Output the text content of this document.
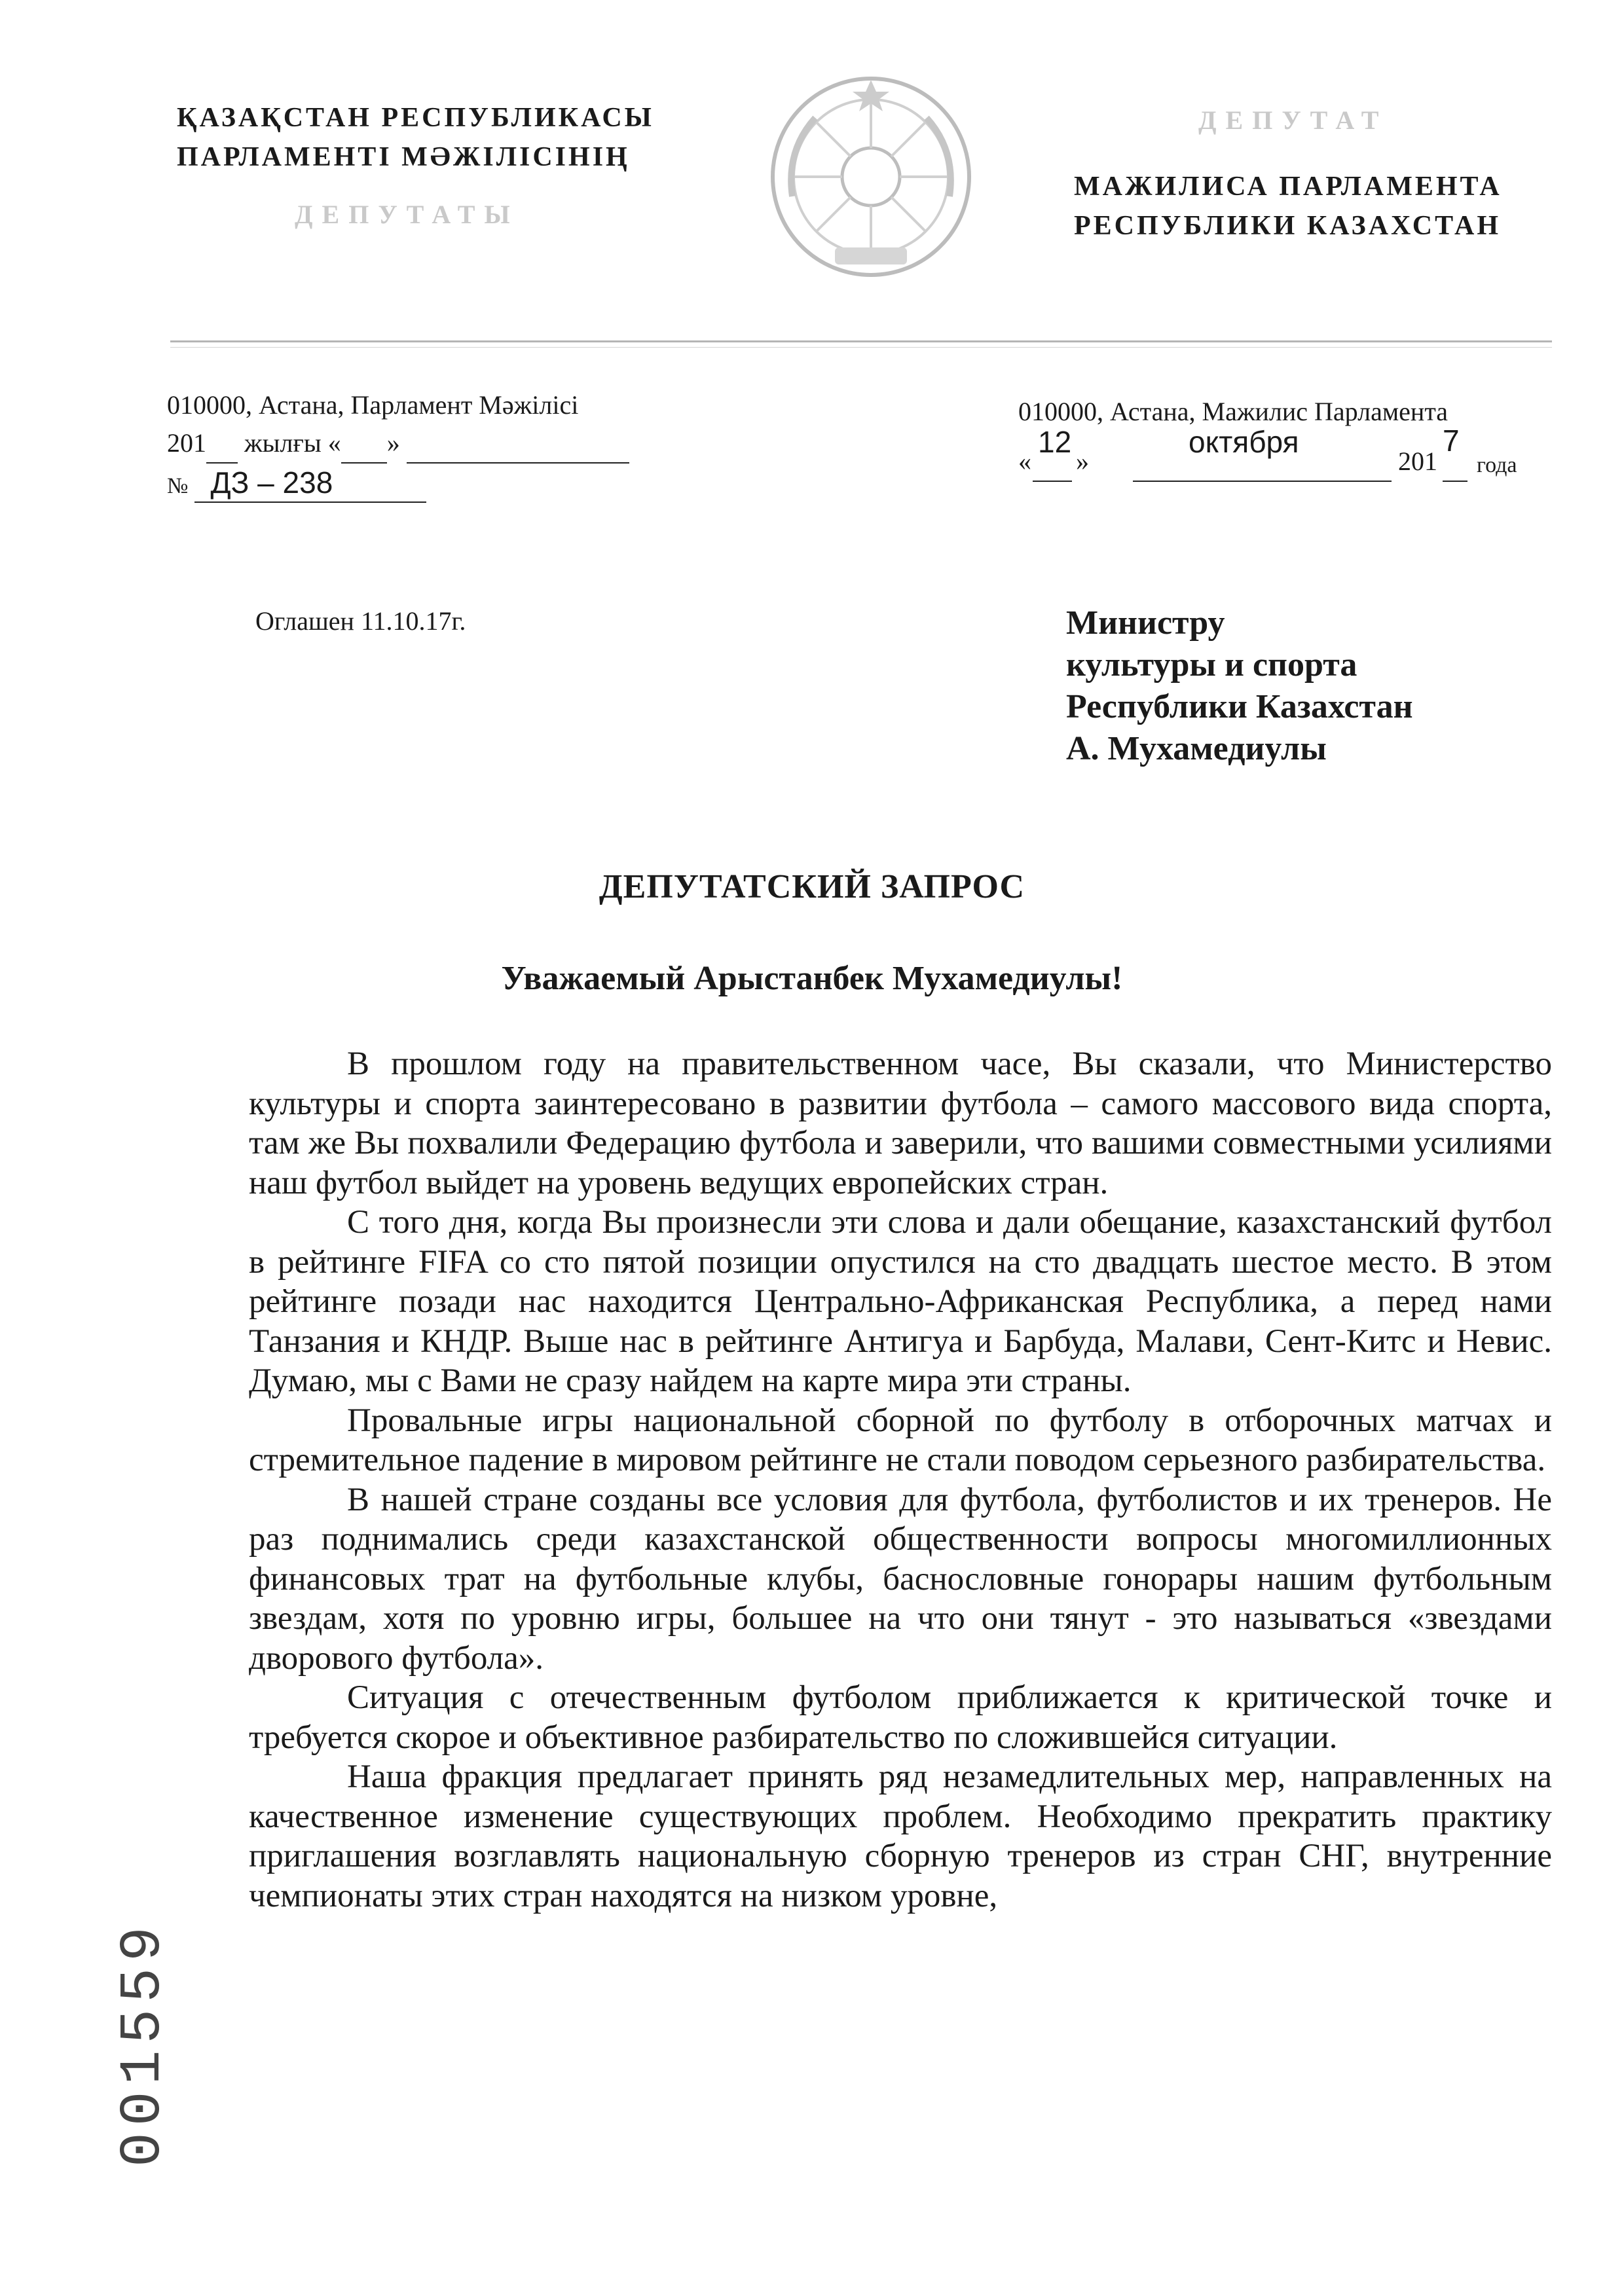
ҚАЗАҚСТАН РЕСПУБЛИКАСЫ
ПАРЛАМЕНТІ МӘЖІЛІСІНІҢ
ДЕПУТАТЫ
ДЕПУТАТ
МАЖИЛИСА ПАРЛАМЕНТА
РЕСПУБЛИКИ КАЗАХСТАН
010000, Астана, Парламент Мәжілісі
201 жылғы « »
№ ДЗ – 238
010000, Астана, Мажилис Парламента
«

12
»

октября
201
7

года
Оглашен 11.10.17г.	Министру
культуры и спорта
Республики Казахстан
А. Мухамедиулы
ДЕПУТАТСКИЙ ЗАПРОС
Уважаемый Арыстанбек Мухамедиулы!

В прошлом году на правительственном часе, Вы сказали, что Министерство культуры и спорта заинтересовано в развитии футбола – самого массового вида спорта, там же Вы похвалили Федерацию футбола и заверили, что вашими совместными усилиями наш футбол выйдет на уровень ведущих европейских стран.

С того дня, когда Вы произнесли эти слова и дали обещание, казахстанский футбол в рейтинге FIFA со сто пятой позиции опустился на сто двадцать шестое место. В этом рейтинге позади нас находится Центрально-Африканская Республика, а перед нами Танзания и КНДР. Выше нас в рейтинге Антигуа и Барбуда, Малави, Сент-Китс и Невис. Думаю, мы с Вами не сразу найдем на карте мира эти страны.

Провальные игры национальной сборной по футболу в отборочных матчах и стремительное падение в мировом рейтинге не стали поводом серьезного разбирательства.

В нашей стране созданы все условия для футбола, футболистов и их тренеров. Не раз поднимались среди казахстанской общественности вопросы многомиллионных финансовых трат на футбольные клубы, баснословные гонорары нашим футбольным звездам, хотя по уровню игры, большее на что они тянут - это называться «звездами дворового футбола».

Ситуация с отечественным футболом приближается к критической точке и требуется скорое и объективное разбирательство по сложившейся ситуации.

Наша фракция предлагает принять ряд незамедлительных мер, направленных на качественное изменение существующих проблем. Необходимо прекратить практику приглашения возглавлять национальную сборную тренеров из стран СНГ, внутренние чемпионаты этих стран находятся на низком уровне,

001559
